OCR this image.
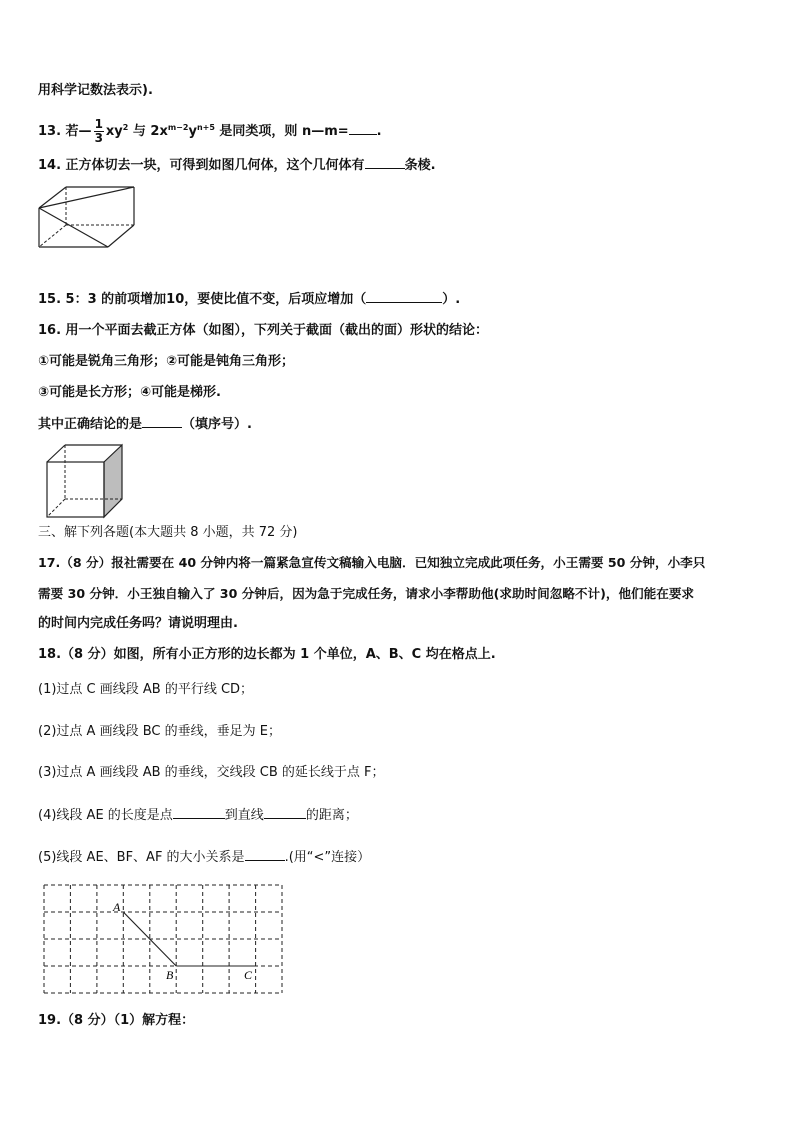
用科学记数法表示).
13. 若— $\frac{1}{3} xy^2$ 与 $2x^{m-2}y^{n+5}$ 是同类项，则 n—m= .
14. 正方体切去一块，可得到如图几何体，这个几何体有	条棱.
15. 5：3 的前项增加10，要使比值不变，后项应增加（	）.
16. 用一个平面去截正方体（如图），下列关于截面（截出的面）形状的结论：
①可能是锐角三角形；②可能是钝角三角形；
③可能是长方形；④可能是梯形.
其中正确结论的是	（填序号）.
三、解下列各题(本大题共 8 小题，共 72 分)
17.（8 分）报社需要在 40 分钟内将一篇紧急宣传文稿输入电脑．已知独立完成此项任务，小王需要 50 分钟，小李只
需要 30 分钟．小王独自输入了 30 分钟后，因为急于完成任务，请求小李帮助他(求助时间忽略不计)，他们能在要求
的时间内完成任务吗？请说明理由.
18.（8 分）如图，所有小正方形的边长都为 1 个单位，A、B、C 均在格点上.
(1)过点 C 画线段 AB 的平行线 CD；
(2)过点 A 画线段 BC 的垂线，垂足为 E；
(3)过点 A 画线段 AB 的垂线，交线段 CB 的延长线于点 F；
(4)线段 AE 的长度是点	到直线	的距离；
(5)线段 AE、BF、AF 的大小关系是	.(用“<”连接）
A
B	C
19.（8 分）（1）解方程：
